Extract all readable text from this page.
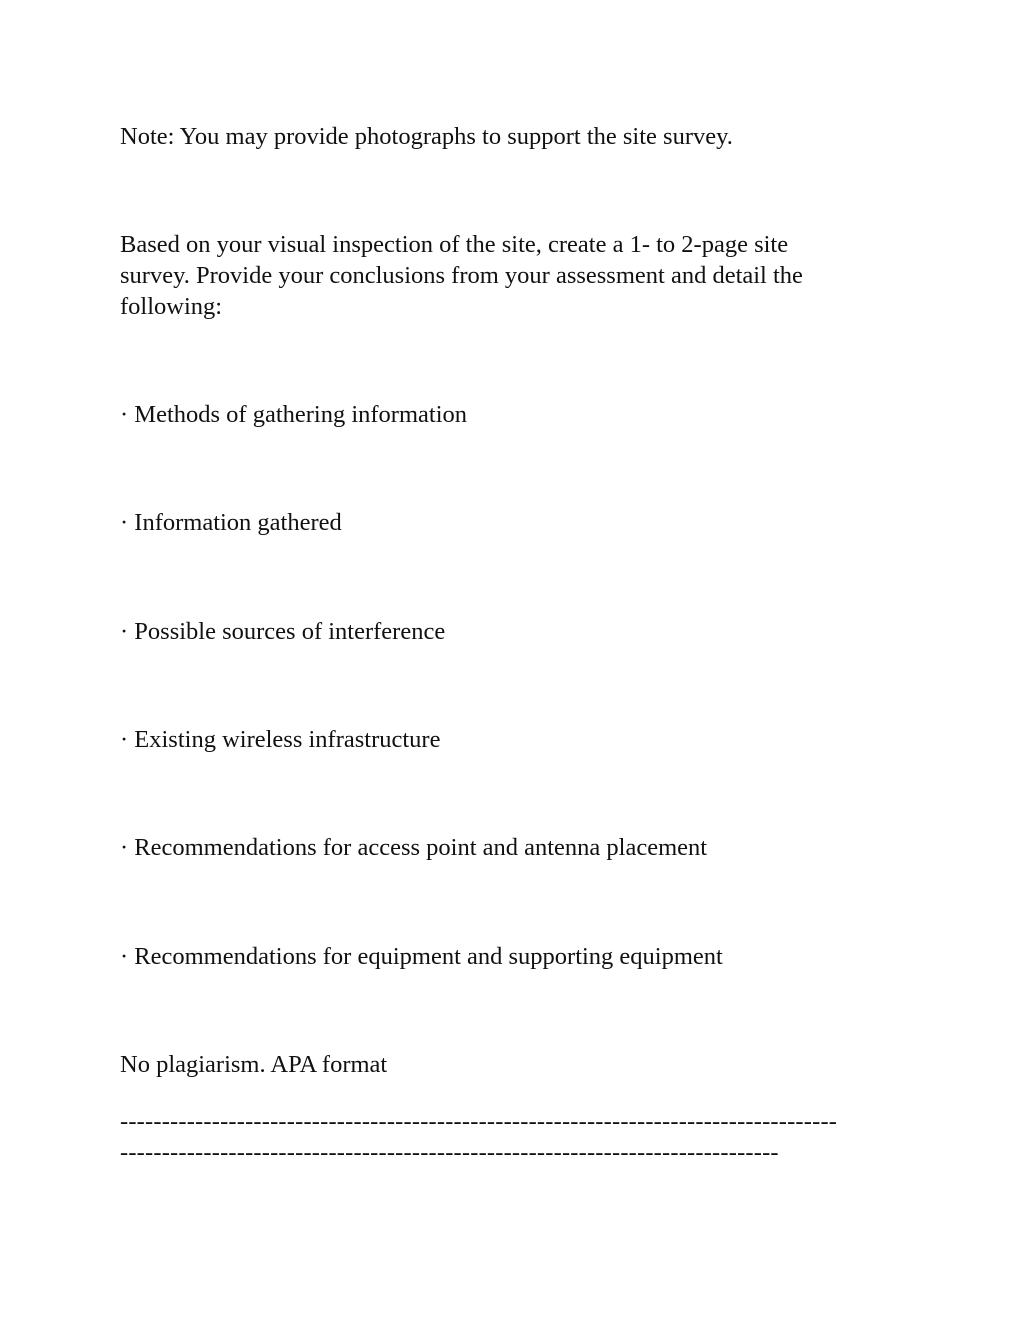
Note: You may provide photographs to support the site survey.
Based on your visual inspection of the site, create a 1- to 2-page site
survey. Provide your conclusions from your assessment and detail the
following:
· Methods of gathering information
· Information gathered
· Possible sources of interference
· Existing wireless infrastructure
· Recommendations for access point and antenna placement
· Recommendations for equipment and supporting equipment
No plagiarism. APA format
--------------------------------------------------------------------------------------
-------------------------------------------------------------------------------
